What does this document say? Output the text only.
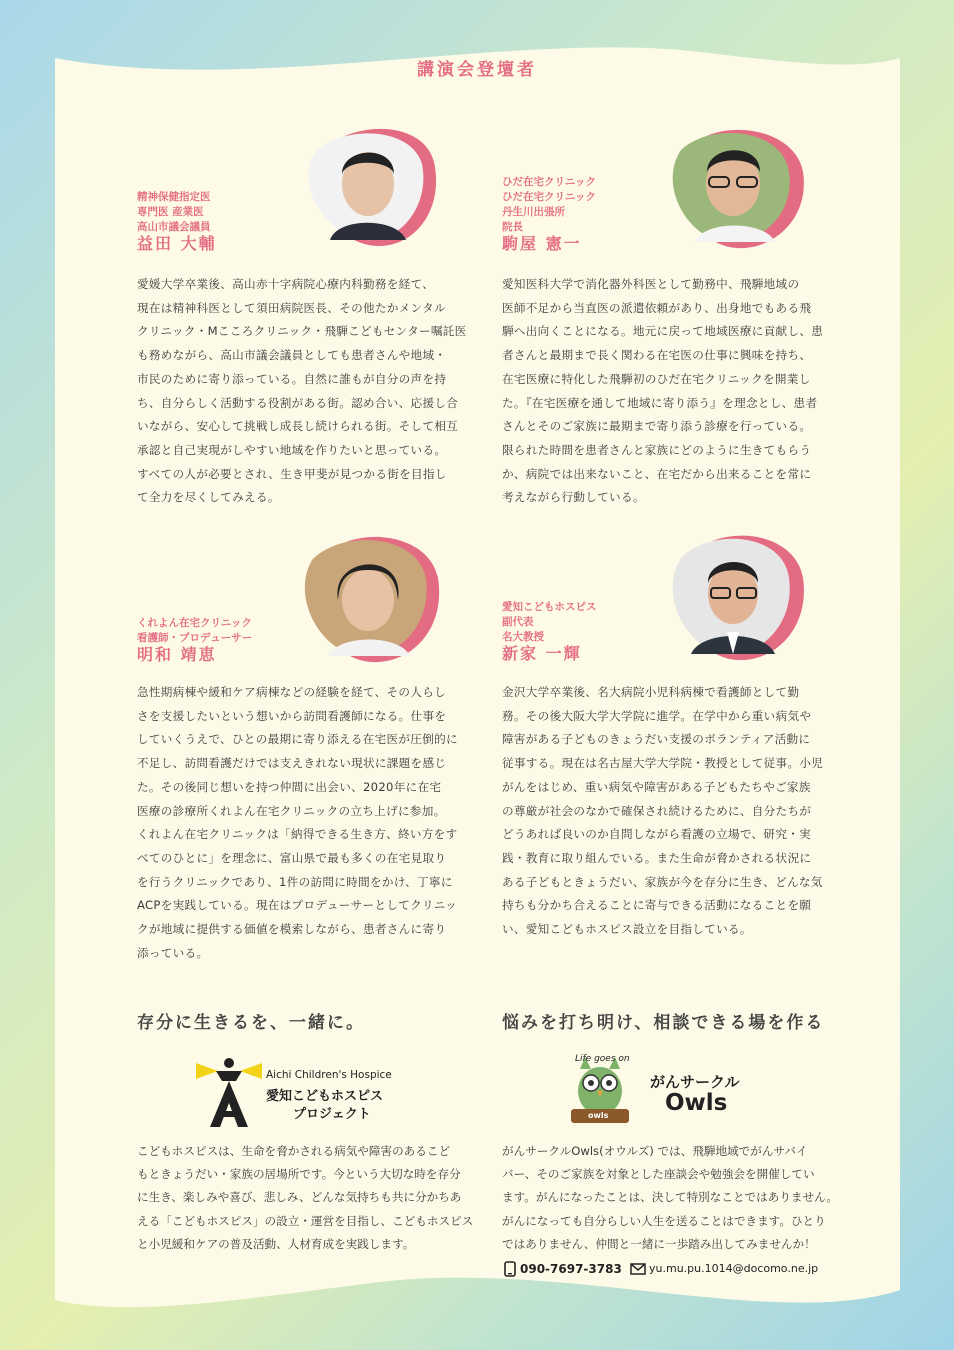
講演会登壇者
精神保健指定医
専門医 産業医
高山市議会議員
益田 大輔
愛媛大学卒業後、高山赤十字病院心療内科勤務を経て、
現在は精神科医として須田病院医長、その他たかメンタル
クリニック・Mこころクリニック・飛騨こどもセンター嘱託医
も務めながら、高山市議会議員としても患者さんや地域・
市民のために寄り添っている。自然に誰もが自分の声を持
ち、自分らしく活動する役割がある街。認め合い、応援し合
いながら、安心して挑戦し成長し続けられる街。そして相互
承認と自己実現がしやすい地域を作りたいと思っている。
すべての人が必要とされ、生き甲斐が見つかる街を目指し
て全力を尽くしてみえる。
ひだ在宅クリニック
ひだ在宅クリニック
丹生川出張所
院長
駒屋 憲一
愛知医科大学で消化器外科医として勤務中、飛騨地域の
医師不足から当直医の派遣依頼があり、出身地でもある飛
騨へ出向くことになる。地元に戻って地域医療に貢献し、患
者さんと最期まで長く関わる在宅医の仕事に興味を持ち、
在宅医療に特化した飛騨初のひだ在宅クリニックを開業し
た。『在宅医療を通して地域に寄り添う』を理念とし、患者
さんとそのご家族に最期まで寄り添う診療を行っている。
限られた時間を患者さんと家族にどのように生きてもらう
か、病院では出来ないこと、在宅だから出来ることを常に
考えながら行動している。
くれよん在宅クリニック
看護師・プロデューサー
明和 靖恵
急性期病棟や緩和ケア病棟などの経験を経て、その人らし
さを支援したいという想いから訪問看護師になる。仕事を
していくうえで、ひとの最期に寄り添える在宅医が圧倒的に
不足し、訪問看護だけでは支えきれない現状に課題を感じ
た。その後同じ想いを持つ仲間に出会い、2020年に在宅
医療の診療所くれよん在宅クリニックの立ち上げに参加。
くれよん在宅クリニックは「納得できる生き方、終い方をす
べてのひとに」を理念に、富山県で最も多くの在宅見取り
を行うクリニックであり、1件の訪問に時間をかけ、丁寧に
ACPを実践している。現在はプロデューサーとしてクリニッ
クが地域に提供する価値を模索しながら、患者さんに寄り
添っている。
愛知こどもホスピス
副代表
名大教授
新家 一輝
金沢大学卒業後、名大病院小児科病棟で看護師として勤
務。その後大阪大学大学院に進学。在学中から重い病気や
障害がある子どものきょうだい支援のボランティア活動に
従事する。現在は名古屋大学大学院・教授として従事。小児
がんをはじめ、重い病気や障害がある子どもたちやご家族
の尊厳が社会のなかで確保され続けるために、自分たちが
どうあれば良いのか自問しながら看護の立場で、研究・実
践・教育に取り組んでいる。また生命が脅かされる状況に
ある子どもときょうだい、家族が今を存分に生き、どんな気
持ちも分かち合えることに寄与できる活動になることを願
い、愛知こどもホスピス設立を目指している。
存分に生きるを、一緒に。
Aichi Children's Hospice
愛知こどもホスピス
プロジェクト
こどもホスピスは、生命を脅かされる病気や障害のあるこど
もときょうだい・家族の居場所です。今という大切な時を存分
に生き、楽しみや喜び、悲しみ、どんな気持ちも共に分かちあ
える「こどもホスピス」の設立・運営を目指し、こどもホスピス
と小児緩和ケアの普及活動、人材育成を実践します。
悩みを打ち明け、相談できる場を作る
Life goes on
owls
がんサークル
Owls
がんサークルOwls(オウルズ) では、飛騨地域でがんサバイ
バー、そのご家族を対象とした座談会や勉強会を開催してい
ます。がんになったことは、決して特別なことではありません。
がんになっても自分らしい人生を送ることはできます。ひとり
ではありません、仲間と一緒に一歩踏み出してみませんか！
090-7697-3783 yu.mu.pu.1014@docomo.ne.jp
